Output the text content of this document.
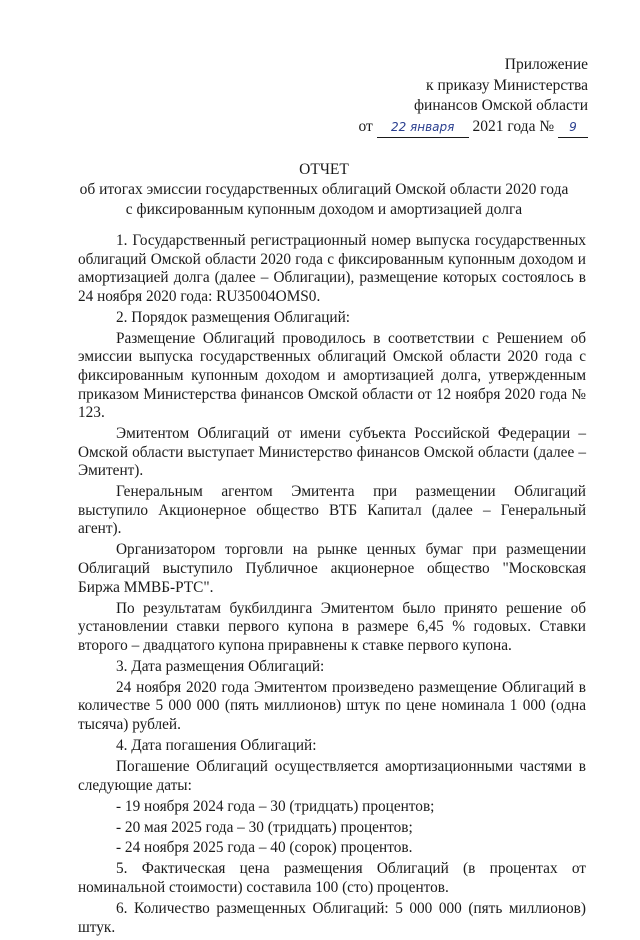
Приложение
к приказу Министерства
финансов Омской области
от 22 января 2021 года № 9
ОТЧЕТ
об итогах эмиссии государственных облигаций Омской области 2020 года
с фиксированным купонным доходом и амортизацией долга

1. Государственный регистрационный номер выпуска государственных облигаций Омской области 2020 года с фиксированным купонным доходом и амортизацией долга (далее – Облигации), размещение которых состоялось в 24 ноября 2020 года: RU35004OMS0.

2. Порядок размещения Облигаций:

Размещение Облигаций проводилось в соответствии с Решением об эмиссии выпуска государственных облигаций Омской области 2020 года с фиксированным купонным доходом и амортизацией долга, утвержденным приказом Министерства финансов Омской области от 12 ноября 2020 года № 123.

Эмитентом Облигаций от имени субъекта Российской Федерации – Омской области выступает Министерство финансов Омской области (далее – Эмитент).

Генеральным агентом Эмитента при размещении Облигаций выступило Акционерное общество ВТБ Капитал (далее – Генеральный агент).

Организатором торговли на рынке ценных бумаг при размещении Облигаций выступило Публичное акционерное общество "Московская Биржа ММВБ-РТС".

По результатам букбилдинга Эмитентом было принято решение об установлении ставки первого купона в размере 6,45 % годовых. Ставки второго – двадцатого купона приравнены к ставке первого купона.

3. Дата размещения Облигаций:

24 ноября 2020 года Эмитентом произведено размещение Облигаций в количестве 5 000 000 (пять миллионов) штук по цене номинала 1 000 (одна тысяча) рублей.

4. Дата погашения Облигаций:

Погашение Облигаций осуществляется амортизационными частями в следующие даты:

- 19 ноября 2024 года – 30 (тридцать) процентов;

- 20 мая 2025 года – 30 (тридцать) процентов;

- 24 ноября 2025 года – 40 (сорок) процентов.

5. Фактическая цена размещения Облигаций (в процентах от номинальной стоимости) составила 100 (сто) процентов.

6. Количество размещенных Облигаций: 5 000 000 (пять миллионов) штук.
